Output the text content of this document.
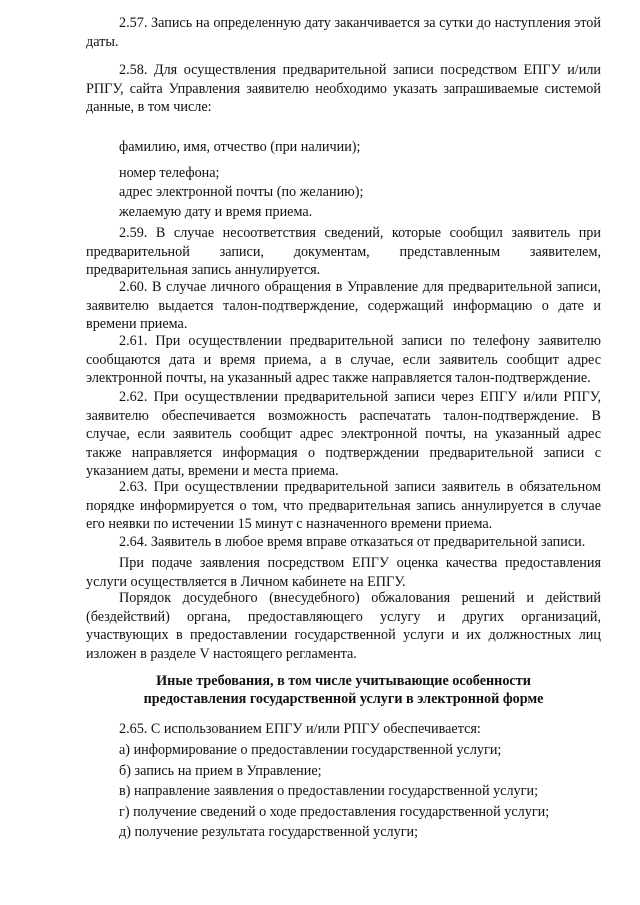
2.57. Запись на определенную дату заканчивается за сутки до наступления этой даты.

2.58. Для осуществления предварительной записи посредством ЕПГУ и/или РПГУ, сайта Управления заявителю необходимо указать запрашиваемые системой данные, в том числе:

фамилию, имя, отчество (при наличии);

номер телефона;

адрес электронной почты (по желанию);

желаемую дату и время приема.

2.59. В случае несоответствия сведений, которые сообщил заявитель при предварительной записи, документам, представленным заявителем, предварительная запись аннулируется.

2.60. В случае личного обращения в Управление для предварительной записи, заявителю выдается талон-подтверждение, содержащий информацию о дате и времени приема.

2.61. При осуществлении предварительной записи по телефону заявителю сообщаются дата и время приема, а в случае, если заявитель сообщит адрес электронной почты, на указанный адрес также направляется талон-подтверждение.

2.62. При осуществлении предварительной записи через ЕПГУ и/или РПГУ, заявителю обеспечивается возможность распечатать талон-подтверждение. В случае, если заявитель сообщит адрес электронной почты, на указанный адрес также направляется информация о подтверждении предварительной записи с указанием даты, времени и места приема.

2.63. При осуществлении предварительной записи заявитель в обязательном порядке информируется о том, что предварительная запись аннулируется в случае его неявки по истечении 15 минут с назначенного времени приема.

2.64. Заявитель в любое время вправе отказаться от предварительной записи.

При подаче заявления посредством ЕПГУ оценка качества предоставления услуги осуществляется в Личном кабинете на ЕПГУ.

Порядок досудебного (внесудебного) обжалования решений и действий (бездействий) органа, предоставляющего услугу и других организаций, участвующих в предоставлении государственной услуги и их должностных лиц изложен в разделе V настоящего регламента.

Иные требования, в том числе учитывающие особенности

предоставления государственной услуги в электронной форме

2.65. С использованием ЕПГУ и/или РПГУ обеспечивается:

а) информирование о предоставлении государственной услуги;

б) запись на прием в Управление;

в) направление заявления о предоставлении государственной услуги;

г) получение сведений о ходе предоставления государственной услуги;

д) получение результата государственной услуги;
